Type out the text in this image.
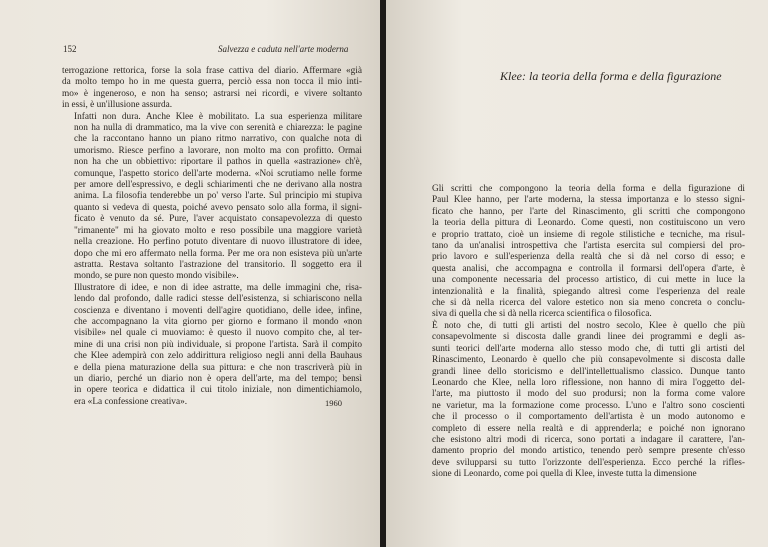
152	Salvezza e caduta nell'arte moderna

terrogazione rettorica, forse la sola frase cattiva del diario. Affermare «già
da molto tempo ho in me questa guerra, perciò essa non tocca il mio inti-
mo» è ingeneroso, e non ha senso; astrarsi nei ricordi, e vivere soltanto
in essi, è un'illusione assurda.

Infatti non dura. Anche Klee è mobilitato. La sua esperienza militare
non ha nulla di drammatico, ma la vive con serenità e chiarezza: le pagine
che la raccontano hanno un piano ritmo narrativo, con qualche nota di
umorismo. Riesce perfino a lavorare, non molto ma con profitto. Ormai
non ha che un obbiettivo: riportare il pathos in quella «astrazione» ch'è,
comunque, l'aspetto storico dell'arte moderna. «Noi scrutiamo nelle forme
per amore dell'espressivo, e degli schiarimenti che ne derivano alla nostra
anima. La filosofia tenderebbe un po' verso l'arte. Sul principio mi stupiva
quanto si vedeva di questa, poiché avevo pensato solo alla forma, il signi-
ficato è venuto da sé. Pure, l'aver acquistato consapevolezza di questo
"rimanente" mi ha giovato molto e reso possibile una maggiore varietà
nella creazione. Ho perfino potuto diventare di nuovo illustratore di idee,
dopo che mi ero affermato nella forma. Per me ora non esisteva più un'arte
astratta. Restava soltanto l'astrazione del transitorio. Il soggetto era il
mondo, se pure non questo mondo visibile».

Illustratore di idee, e non di idee astratte, ma delle immagini che, risa-
lendo dal profondo, dalle radici stesse dell'esistenza, si schiariscono nella
coscienza e diventano i moventi dell'agire quotidiano, delle idee, infine,
che accompagnano la vita giorno per giorno e formano il mondo «non
visibile» nel quale ci muoviamo: è questo il nuovo compito che, al ter-
mine di una crisi non più individuale, si propone l'artista. Sarà il compito
che Klee adempirà con zelo addirittura religioso negli anni della Bauhaus
e della piena maturazione della sua pittura: e che non trascriverà più in
un diario, perché un diario non è opera dell'arte, ma del tempo; bensì
in opere teorica e didattica il cui titolo iniziale, non dimentichiamolo,
era «La confessione creativa».	1960
Klee: la teoria della forma e della figurazione

Gli scritti che compongono la teoria della forma e della figurazione di
Paul Klee hanno, per l'arte moderna, la stessa importanza e lo stesso signi-
ficato che hanno, per l'arte del Rinascimento, gli scritti che compongono
la teoria della pittura di Leonardo. Come questi, non costituiscono un vero
e proprio trattato, cioè un insieme di regole stilistiche e tecniche, ma risul-
tano da un'analisi introspettiva che l'artista esercita sul compiersi del pro-
prio lavoro e sull'esperienza della realtà che si dà nel corso di esso; e
questa analisi, che accompagna e controlla il formarsi dell'opera d'arte, è
una componente necessaria del processo artistico, di cui mette in luce la
intenzionalità e la finalità, spiegando altresì come l'esperienza del reale
che si dà nella ricerca del valore estetico non sia meno concreta o conclu-
siva di quella che si dà nella ricerca scientifica o filosofica.

È noto che, di tutti gli artisti del nostro secolo, Klee è quello che più
consapevolmente si discosta dalle grandi linee dei programmi e degli as-
sunti teorici dell'arte moderna allo stesso modo che, di tutti gli artisti del
Rinascimento, Leonardo è quello che più consapevolmente si discosta dalle
grandi linee dello storicismo e dell'intellettualismo classico. Dunque tanto
Leonardo che Klee, nella loro riflessione, non hanno di mira l'oggetto del-
l'arte, ma piuttosto il modo del suo prodursi; non la forma come valore
ne varietur, ma la formazione come processo. L'uno e l'altro sono coscienti
che il processo o il comportamento dell'artista è un modo autonomo e
completo di essere nella realtà e di apprenderla; e poiché non ignorano
che esistono altri modi di ricerca, sono portati a indagare il carattere, l'an-
damento proprio del mondo artistico, tenendo però sempre presente ch'esso
deve svilupparsi su tutto l'orizzonte dell'esperienza. Ecco perché la rifles-
sione di Leonardo, come poi quella di Klee, investe tutta la dimensione
